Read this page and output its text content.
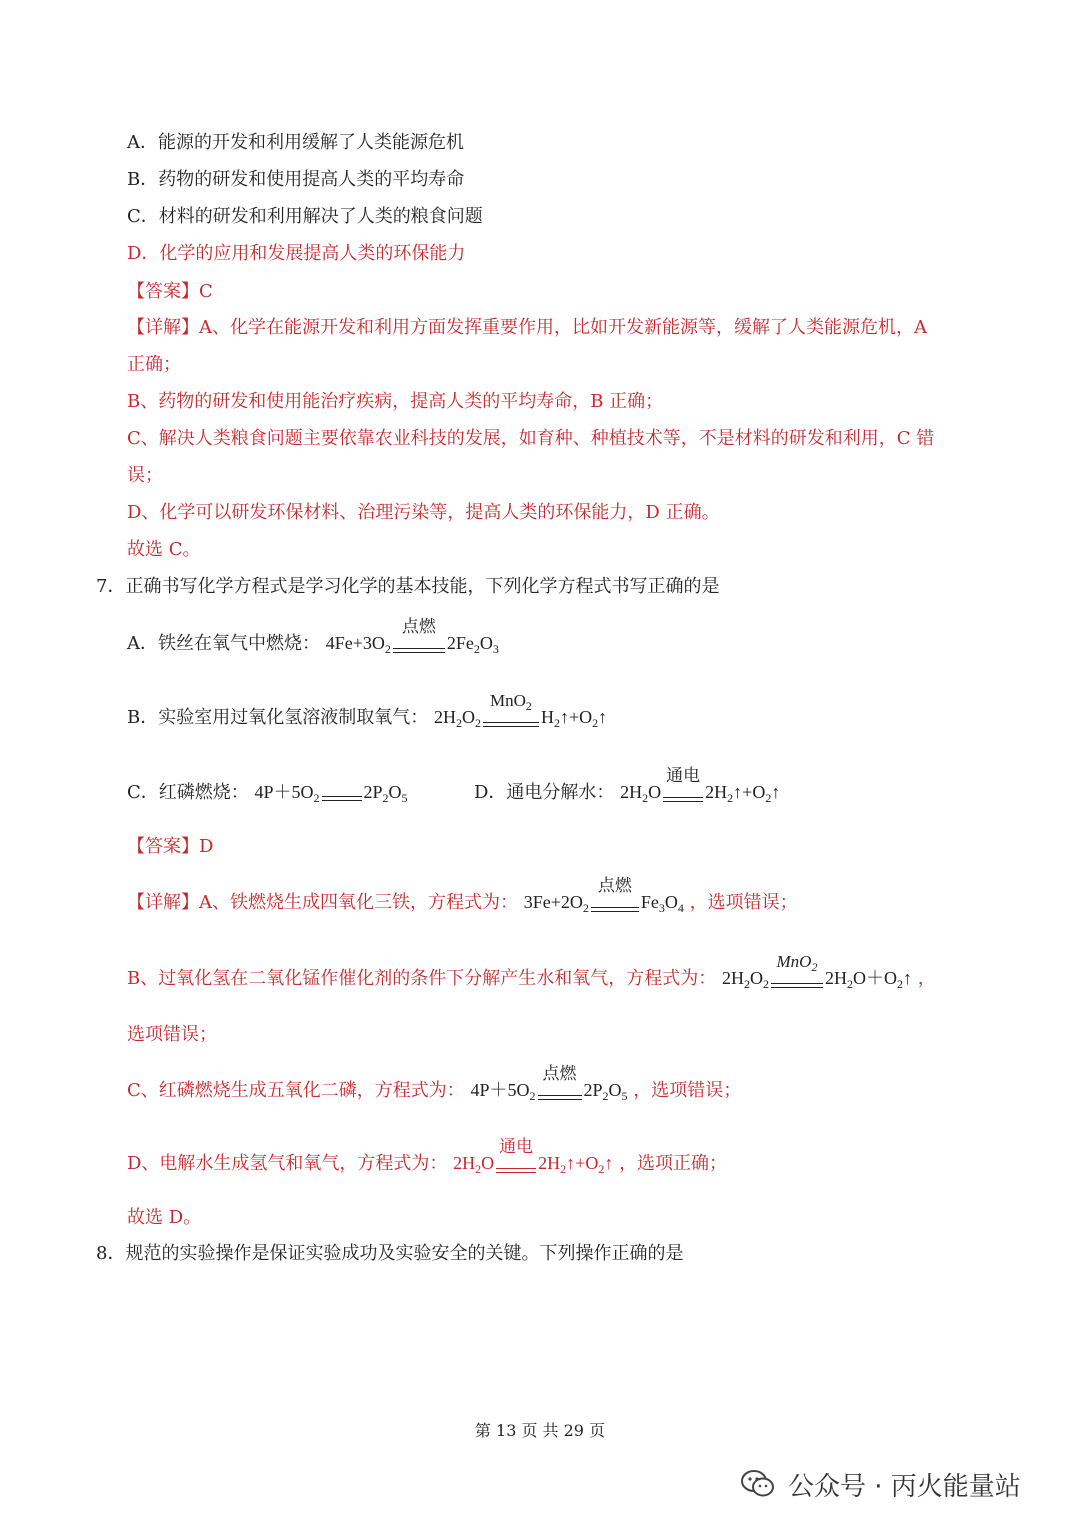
A．能源的开发和利用缓解了人类能源危机
B．药物的研发和使用提高人类的平均寿命
C．材料的研发和利用解决了人类的粮食问题
D．化学的应用和发展提高人类的环保能力
【答案】C
【详解】A、化学在能源开发和利用方面发挥重要作用，比如开发新能源等，缓解了人类能源危机，A
正确；
B、药物的研发和使用能治疗疾病，提高人类的平均寿命，B 正确；
C、解决人类粮食问题主要依靠农业科技的发展，如育种、种植技术等，不是材料的研发和利用，C 错
误；
D、化学可以研发环保材料、治理污染等，提高人类的环保能力，D 正确。
故选 C。
7．正确书写化学方程式是学习化学的基本技能，下列化学方程式书写正确的是
A．铁丝在氧气中燃烧： $4Fe+3O_2$
点燃
$2Fe_2O_3$
B．实验室用过氧化氢溶液制取氧气： $2H_2O_2$
MnO$_2$
$H_2↑+O_2↑$
C．红磷燃烧： $4P+5O_2$ $2P_2O_5$	D．通电分解水： $2H_2O$
通电
$2H_2↑+O_2↑$
【答案】D
【详解】A、铁燃烧生成四氧化三铁，方程式为： $3Fe+2O_2$
点燃
$Fe_3O_4$ ，选项错误；
B、过氧化氢在二氧化锰作催化剂的条件下分解产生水和氧气，方程式为： $2H_2O_2$
MnO$_2$
$2H_2O+O_2↑$ ，
选项错误；
C、红磷燃烧生成五氧化二磷，方程式为： $4P+5O_2$
点燃
$2P_2O_5$ ，选项错误；
D、电解水生成氢气和氧气，方程式为： $2H_2O$
通电
$2H_2↑+O_2↑$ ，选项正确；
故选 D。
8．规范的实验操作是保证实验成功及实验安全的关键。下列操作正确的是
第 13 页 共 29 页
公众号 · 丙火能量站
